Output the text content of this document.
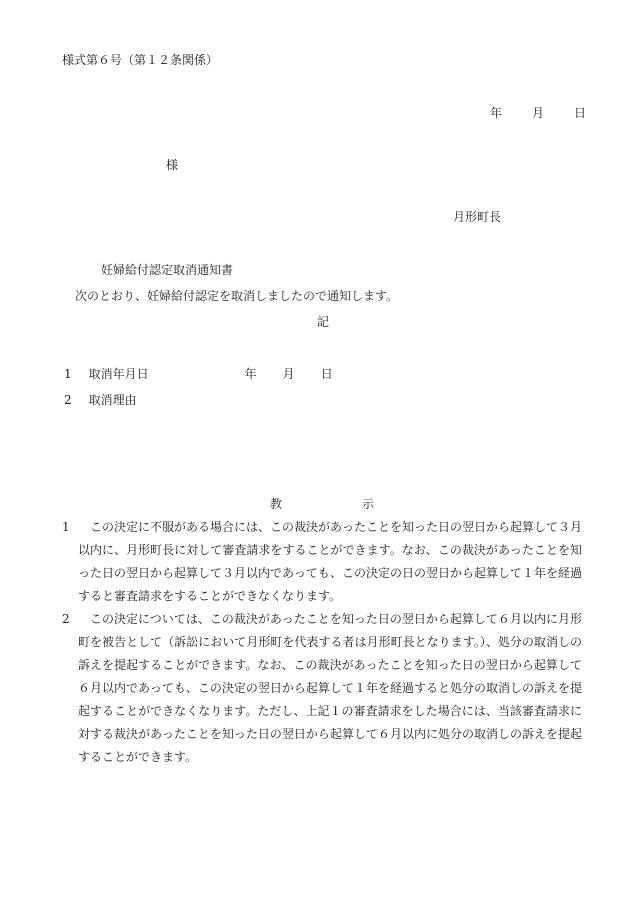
様式第６号（第１２条関係）
年	月	日
様
月形町長
妊婦給付認定取消通知書
次のとおり、妊婦給付認定を取消しましたので通知します。
記
1 取消年月日	年 月 日
2 取消理由
教	示
1	この決定に不服がある場合には、この裁決があったことを知った日の翌日から起算して３月以内に、月形町長に対して審査請求をすることができます。なお、この裁決があったことを知った日の翌日から起算して３月以内であっても、この決定の日の翌日から起算して１年を経過すると審査請求をすることができなくなります。
2	この決定については、この裁決があったことを知った日の翌日から起算して６月以内に月形町を被告として（訴訟において月形町を代表する者は月形町長となります。）、処分の取消しの訴えを提起することができます。なお、この裁決があったことを知った日の翌日から起算して６月以内であっても、この決定の翌日から起算して１年を経過すると処分の取消しの訴えを提起することができなくなります。ただし、上記１の審査請求をした場合には、当該審査請求に対する裁決があったことを知った日の翌日から起算して６月以内に処分の取消しの訴えを提起することができます。
